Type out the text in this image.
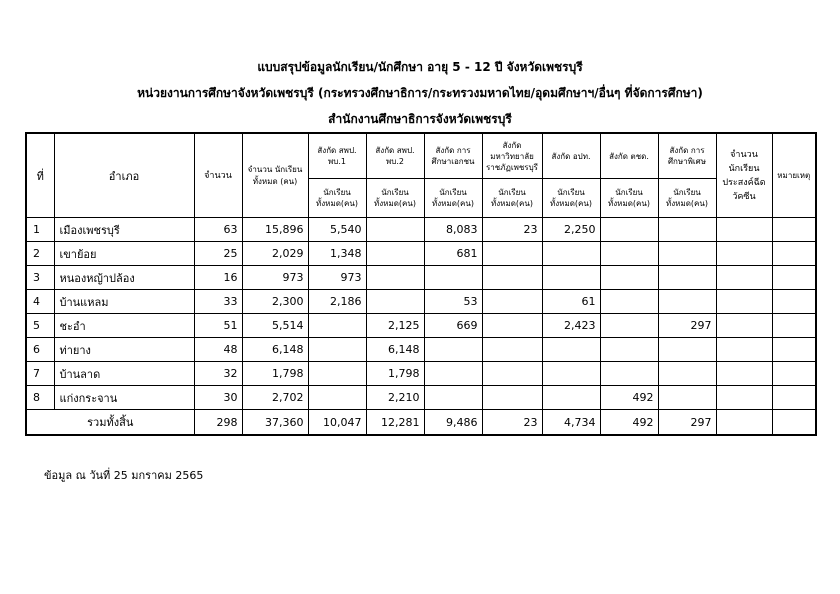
แบบสรุปข้อมูลนักเรียน/นักศึกษา อายุ 5 - 12 ปี จังหวัดเพชรบุรี
หน่วยงานการศึกษาจังหวัดเพชรบุรี (กระทรวงศึกษาธิการ/กระทรวงมหาดไทย/อุดมศึกษาฯ/อื่นๆ ที่จัดการศึกษา)
สำนักงานศึกษาธิการจังหวัดเพชรบุรี
ที่	อำเภอ	จำนวน	จำนวน นักเรียนทั้งหมด (คน)	สังกัด สพป. พบ.1	สังกัด สพป. พบ.2	สังกัด การศึกษาเอกชน	สังกัด มหาวิทยาลัย ราชภัฏเพชรบุรี	สังกัด อปท.	สังกัด ตชด.	สังกัด การศึกษาพิเศษ	จำนวน นักเรียน ประสงค์ฉีด วัคซีน	หมายเหตุ
				นักเรียน ทั้งหมด(คน)	นักเรียน ทั้งหมด(คน)	นักเรียน ทั้งหมด(คน)	นักเรียน ทั้งหมด(คน)	นักเรียน ทั้งหมด(คน)	นักเรียน ทั้งหมด(คน)	นักเรียน ทั้งหมด(คน)		
1	เมืองเพชรบุรี	63	15,896	5,540		8,083	23	2,250				
2	เขาย้อย	25	2,029	1,348		681						
3	หนองหญ้าปล้อง	16	973	973								
4	บ้านแหลม	33	2,300	2,186		53		61				
5	ชะอำ	51	5,514		2,125	669		2,423		297		
6	ท่ายาง	48	6,148		6,148							
7	บ้านลาด	32	1,798		1,798							
8	แก่งกระจาน	30	2,702		2,210				492			
รวมทั้งสิ้น		298	37,360	10,047	12,281	9,486	23	4,734	492	297		
ข้อมูล ณ วันที่ 25 มกราคม 2565
